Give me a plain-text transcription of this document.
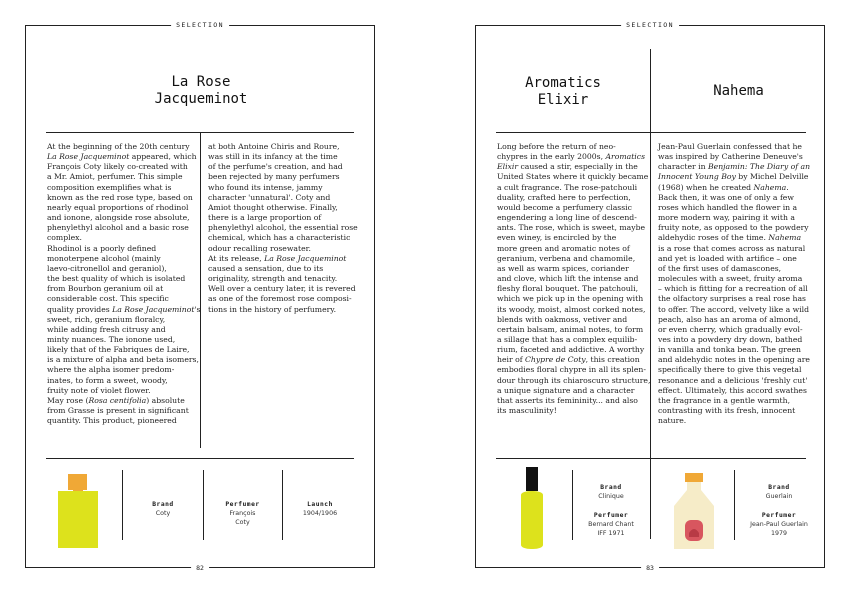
SELECTION
La Rose
Jacqueminot
At the beginning of the 20th century
La Rose Jacqueminot appeared, which
François Coty likely co-created with
a Mr. Amiot, perfumer. This simple
composition exemplifies what is
known as the red rose type, based on
nearly equal proportions of rhodinol
and ionone, alongside rose absolute,
phenylethyl alcohol and a basic rose
complex.
Rhodinol is a poorly defined
monoterpene alcohol (mainly
laevo-citronellol and geraniol),
the best quality of which is isolated
from Bourbon geranium oil at
considerable cost. This specific
quality provides La Rose Jacqueminot's
sweet, rich, geranium floralcy,
while adding fresh citrusy and
minty nuances. The ionone used,
likely that of the Fabriques de Laire,
is a mixture of alpha and beta isomers,
where the alpha isomer predom-
inates, to form a sweet, woody,
fruity note of violet flower.
May rose (Rosa centifolia) absolute
from Grasse is present in significant
quantity. This product, pioneered
at both Antoine Chiris and Roure,
was still in its infancy at the time
of the perfume's creation, and had
been rejected by many perfumers
who found its intense, jammy
character 'unnatural'. Coty and
Amiot thought otherwise. Finally,
there is a large proportion of
phenylethyl alcohol, the essential rose
chemical, which has a characteristic
odour recalling rosewater.
At its release, La Rose Jacqueminot
caused a sensation, due to its
originality, strength and tenacity.
Well over a century later, it is revered
as one of the foremost rose composi-
tions in the history of perfumery.
Brand
Coty
Perfumer
François
Coty
Launch
1904/1906
82
SELECTION
Aromatics
Elixir
Nahema
Long before the return of neo-
chypres in the early 2000s, Aromatics
Elixir caused a stir, especially in the
United States where it quickly became
a cult fragrance. The rose-patchouli
duality, crafted here to perfection,
would become a perfumery classic
engendering a long line of descend-
ants. The rose, which is sweet, maybe
even winey, is encircled by the
more green and aromatic notes of
geranium, verbena and chamomile,
as well as warm spices, coriander
and clove, which lift the intense and
fleshy floral bouquet. The patchouli,
which we pick up in the opening with
its woody, moist, almost corked notes,
blends with oakmoss, vetiver and
certain balsam, animal notes, to form
a sillage that has a complex equilib-
rium, faceted and addictive. A worthy
heir of Chypre de Coty, this creation
embodies floral chypre in all its splen-
dour through its chiaroscuro structure,
a unique signature and a character
that asserts its femininity... and also
its masculinity!
Jean-Paul Guerlain confessed that he
was inspired by Catherine Deneuve's
character in Benjamin: The Diary of an
Innocent Young Boy by Michel Delville
(1968) when he created Nahema.
Back then, it was one of only a few
roses which handled the flower in a
more modern way, pairing it with a
fruity note, as opposed to the powdery
aldehydic roses of the time. Nahema
is a rose that comes across as natural
and yet is loaded with artifice – one
of the first uses of damascones,
molecules with a sweet, fruity aroma
– which is fitting for a recreation of all
the olfactory surprises a real rose has
to offer. The accord, velvety like a wild
peach, also has an aroma of almond,
or even cherry, which gradually evol-
ves into a powdery dry down, bathed
in vanilla and tonka bean. The green
and aldehydic notes in the opening are
specifically there to give this vegetal
resonance and a delicious 'freshly cut'
effect. Ultimately, this accord swathes
the fragrance in a gentle warmth,
contrasting with its fresh, innocent
nature.
Brand
Clinique
Perfumer
Bernard Chant
IFF 1971
Brand
Guerlain
Perfumer
Jean-Paul Guerlain
1979
83
